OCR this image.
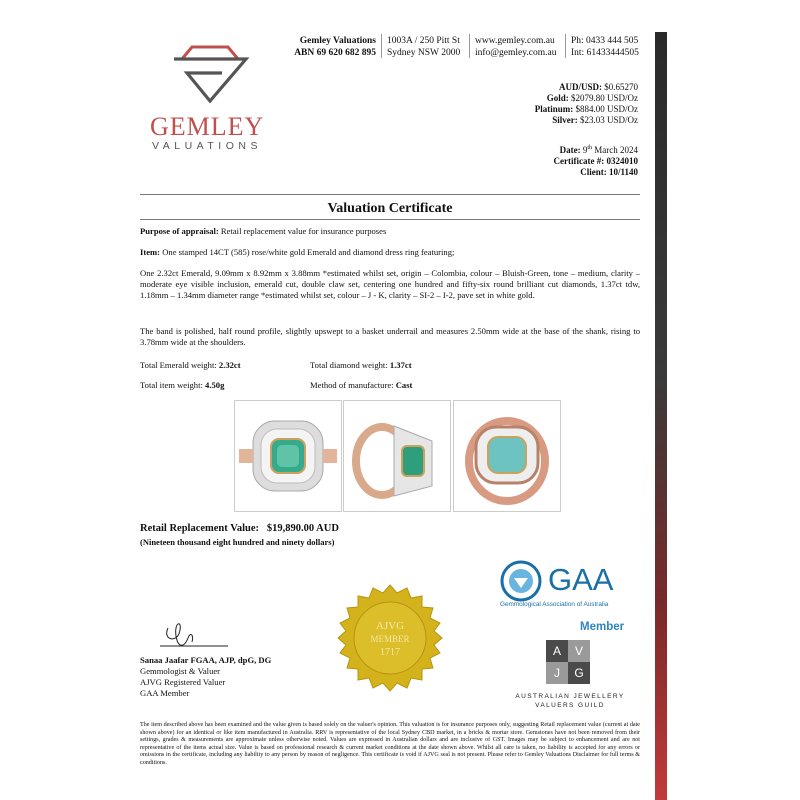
GEMLEY
VALUATIONS
Gemley Valuations
ABN 69 620 682 895
1003A / 250 Pitt St
Sydney NSW 2000
www.gemley.com.au
info@gemley.com.au
Ph: 0433 444 505
Int: 61433444505
AUD/USD: $0.65270
Gold: $2079.80 USD/Oz
Platinum: $884.00 USD/Oz
Silver: $23.03 USD/Oz
Date: 9th March 2024
Certificate #: 0324010
Client: 10/1140
Valuation Certificate
Purpose of appraisal: Retail replacement value for insurance purposes
Item: One stamped 14CT (585) rose/white gold Emerald and diamond dress ring featuring;
One 2.32ct Emerald, 9.09mm x 8.92mm x 3.88mm *estimated whilst set, origin – Colombia, colour – Bluish-Green, tone – medium, clarity – moderate eye visible inclusion, emerald cut, double claw set, centering one hundred and fifty-six round brilliant cut diamonds, 1.37ct tdw, 1.18mm – 1.34mm diameter range *estimated whilst set, colour – J - K, clarity – SI-2 – I-2, pave set in white gold.
The band is polished, half round profile, slightly upswept to a basket underrail and measures 2.50mm wide at the base of the shank, rising to 3.78mm wide at the shoulders.
Total Emerald weight: 2.32ct	Total diamond weight: 1.37ct
Total item weight: 4.50g	Method of manufacture: Cast
Retail Replacement Value: $19,890.00 AUD
(Nineteen thousand eight hundred and ninety dollars)
Sanaa Jaafar FGAA, AJP, dpG, DG
Gemmologist & Valuer
AJVG Registered Valuer
GAA Member
AJVG
MEMBER
1717
GAA
Gemmological Association of Australia
Member
A	V
J	G
AUSTRALIAN JEWELLERY
VALUERS GUILD
The item described above has been examined and the value given is based solely on the valuer's opinion. This valuation is for insurance purposes only, suggesting Retail replacement value (current at date shown above) for an identical or like item manufactured in Australia. RRV is representative of the local Sydney CBD market, in a bricks & mortar store. Gemstones have not been removed from their settings, grades & measurements are approximate unless otherwise noted. Values are expressed in Australian dollars and are inclusive of GST. Images may be subject to enhancement and are not representative of the items actual size. Value is based on professional research & current market conditions at the date shown above. Whilst all care is taken, no liability is accepted for any errors or omissions in the certificate, including any liability to any person by reason of negligence. This certificate is void if AJVG seal is not present. Please refer to Gemley Valuations Disclaimer for full terms & conditions.
